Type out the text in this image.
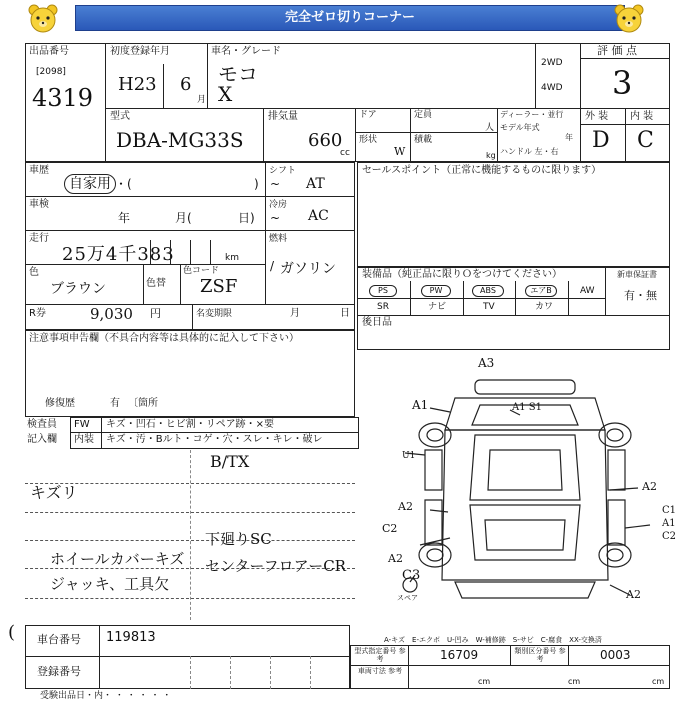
完全ゼロ切りコーナー
出品番号
[2098]
4319
初度登録年月
H23 6
月
車名・グレード
モコ
X
2WD
4WD
評 価 点
3
外 装 内 装
D C
型式
DBA-MG33S
排気量
660
cc
ドア	定員
人
ディーラー・並行
形状
W
積載
kg
モデル年式
年
ハンドル 左・右
車歴
自家用 ・(	)
シフト
AT
~
車検
年	月(	日)
冷房
AC
~
走行
25万4千383	km
燃料
ガソリン
/
色
ブラウン	色替
色コード
ZSF
R券	9,030 円	名変期限	月	日
セールスポイント（正常に機能するものに限ります）
装備品（純正品に限りＯをつけてください）	新車保証書
有・無
PS	PW	ABS	エアB	AW
SR	ナビ	TV	カワ
後日品
注意事項申告欄（不具合内容等は具体的に記入して下さい）
修復歴	有 〔箇所
検査員
記入欄
FW キズ・凹石・ヒビ割・リペア跡・×要
内装 キズ・汚・Bルト・コゲ・穴・スレ・キレ・破レ
B/TX
キズリ
下廻りSC
センターフロアーCR
ホイールカバーキズ
ジャッキ、工具欠
A3
A1	A1 S1
U1
A2
C2
A2
C3
A2
C1
A1
C2
A2
スペア
A-キズ　E-エクボ　U-凹み　W-補修跡　S-サビ　C-腐食　XX-交換済
( 車台番号 119813
登録番号
型式指定番号 参考	16709	類別区分番号 参考	0003
車両寸法 参考
cm	cm	cm
受験出品日・内・ ・ ・ ・ ・ ・
